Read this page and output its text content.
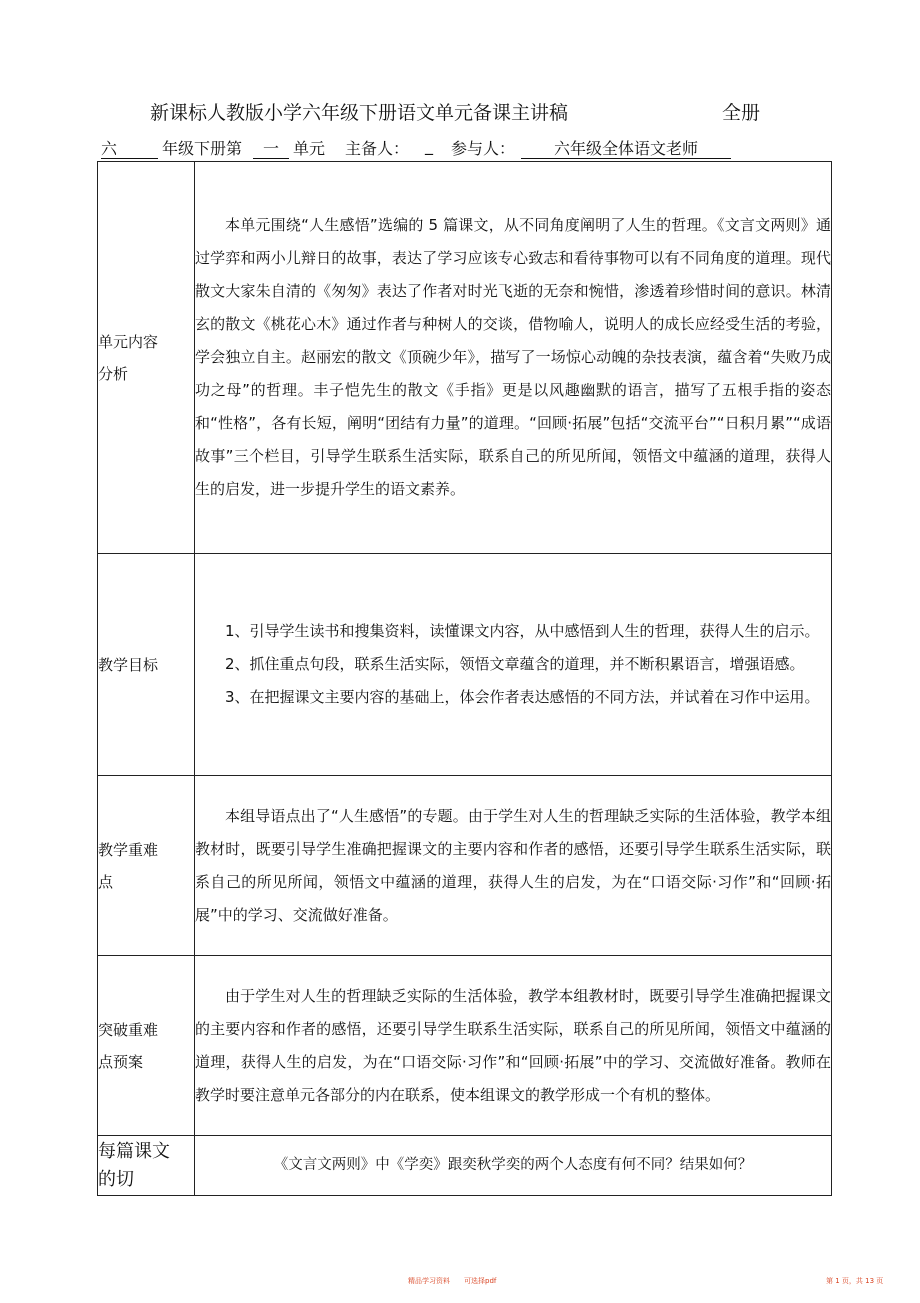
新课标人教版小学六年级下册语文单元备课主讲稿	全册
六	年级下册第	一 单元 主备人： _ 参与人：	六年级全体语文老师
单元内容分析	本单元围绕“人生感悟”选编的 5 篇课文，从不同角度阐明了人生的哲理。《文言文两则》通过学弈和两小儿辩日的故事，表达了学习应该专心致志和看待事物可以有不同角度的道理。现代散文大家朱自清的《匆匆》表达了作者对时光飞逝的无奈和惋惜，渗透着珍惜时间的意识。林清玄的散文《桃花心木》通过作者与种树人的交谈，借物喻人，说明人的成长应经受生活的考验，学会独立自主。赵丽宏的散文《顶碗少年》，描写了一场惊心动魄的杂技表演，蕴含着“失败乃成功之母”的哲理。丰子恺先生的散文《手指》更是以风趣幽默的语言，描写了五根手指的姿态和“性格”，各有长短，阐明“团结有力量”的道理。“回顾·拓展”包括“交流平台”“日积月累”“成语故事”三个栏目，引导学生联系生活实际，联系自己的所见所闻，领悟文中蕴涵的道理，获得人生的启发，进一步提升学生的语文素养。

教学目标	1、引导学生读书和搜集资料，读懂课文内容，从中感悟到人生的哲理，获得人生的启示。

2、抓住重点句段，联系生活实际，领悟文章蕴含的道理，并不断积累语言，增强语感。

3、在把握课文主要内容的基础上，体会作者表达感悟的不同方法，并试着在习作中运用。

教学重难点	本组导语点出了“人生感悟”的专题。由于学生对人生的哲理缺乏实际的生活体验，教学本组教材时，既要引导学生准确把握课文的主要内容和作者的感悟，还要引导学生联系生活实际，联系自己的所见所闻，领悟文中蕴涵的道理，获得人生的启发，为在“口语交际·习作”和“回顾·拓展”中的学习、交流做好准备。

突破重难点预案	由于学生对人生的哲理缺乏实际的生活体验，教学本组教材时，既要引导学生准确把握课文的主要内容和作者的感悟，还要引导学生联系生活实际，联系自己的所见所闻，领悟文中蕴涵的道理，获得人生的启发，为在“口语交际·习作”和“回顾·拓展”中的学习、交流做好准备。教师在教学时要注意单元各部分的内在联系，使本组课文的教学形成一个有机的整体。

每篇课文的切	《文言文两则》中《学奕》跟奕秋学奕的两个人态度有何不同？结果如何？

精品学习资料　　可选择pdf	第 1 页，共 13 页
